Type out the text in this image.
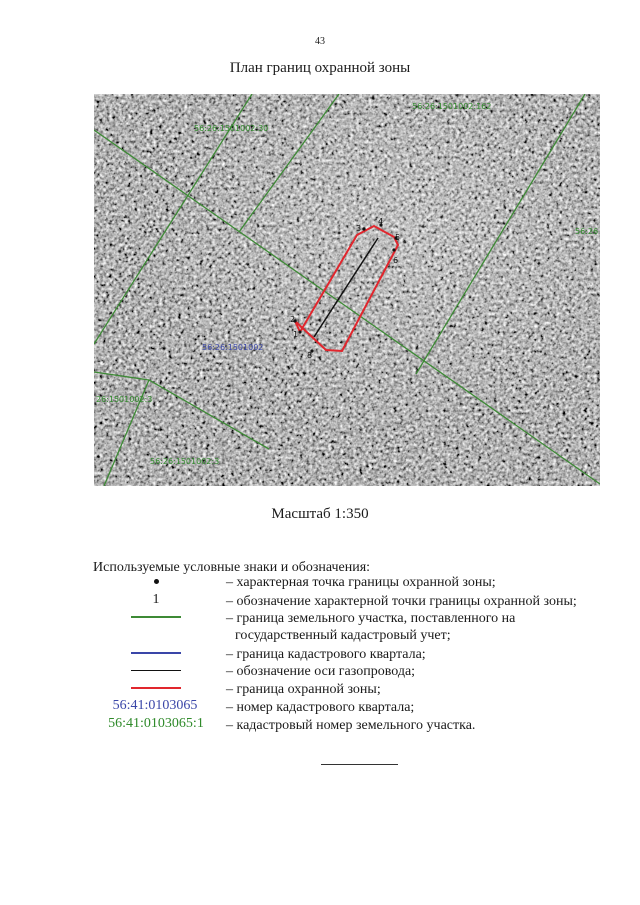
43
План границ охранной зоны
1
2
3
4
5
6
8
56:26:1501002:30
56:26:1501002:162
56:26
26:1501002:3
56:26:1501002:3
56:26:1501002
Масштаб 1:350
Используемые условные знаки и обозначения:
– характерная точка границы охранной зоны;
1	– обозначение характерной точки границы охранной зоны;
– граница земельного участка, поставленного на
государственный кадастровый учет;
– граница кадастрового квартала;
– обозначение оси газопровода;
– граница охранной зоны;
56:41:0103065	– номер кадастрового квартала;
56:41:0103065:1	– кадастровый номер земельного участка.
